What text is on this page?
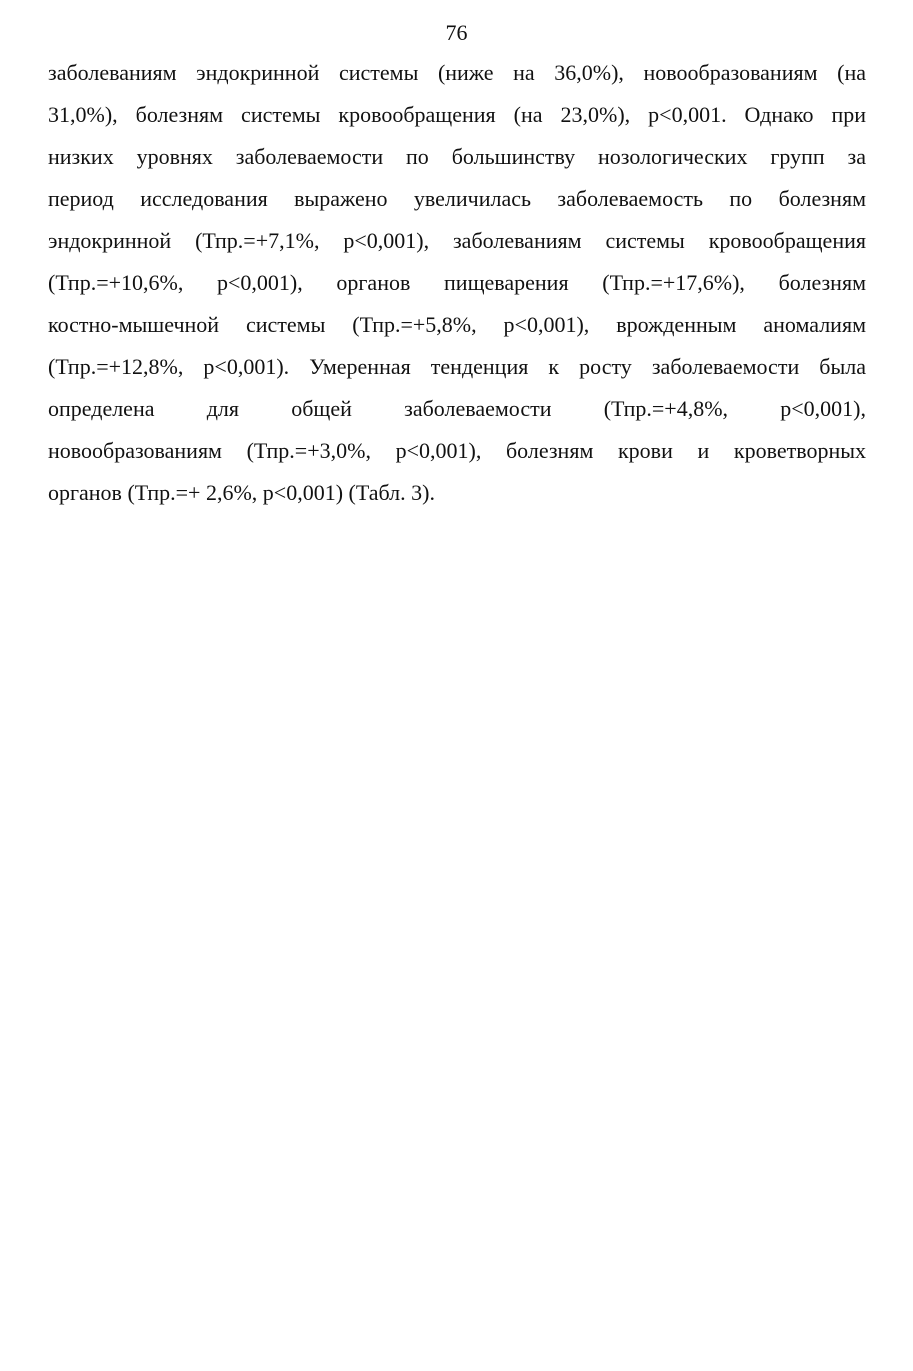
76
заболеваниям эндокринной системы (ниже на 36,0%), новообразованиям (на
31,0%), болезням системы кровообращения (на 23,0%), p<0,001. Однако при
низких уровнях заболеваемости по большинству нозологических групп за
период исследования выражено увеличилась заболеваемость по болезням
эндокринной (Тпр.=+7,1%, p<0,001), заболеваниям системы кровообращения
(Тпр.=+10,6%, p<0,001), органов пищеварения (Тпр.=+17,6%), болезням
костно-мышечной системы (Тпр.=+5,8%, p<0,001), врожденным аномалиям
(Тпр.=+12,8%, p<0,001). Умеренная тенденция к росту заболеваемости была
определена для общей заболеваемости (Тпр.=+4,8%, p<0,001),
новообразованиям (Тпр.=+3,0%, p<0,001), болезням крови и кроветворных
органов (Тпр.=+ 2,6%, p<0,001) (Табл. 3).
